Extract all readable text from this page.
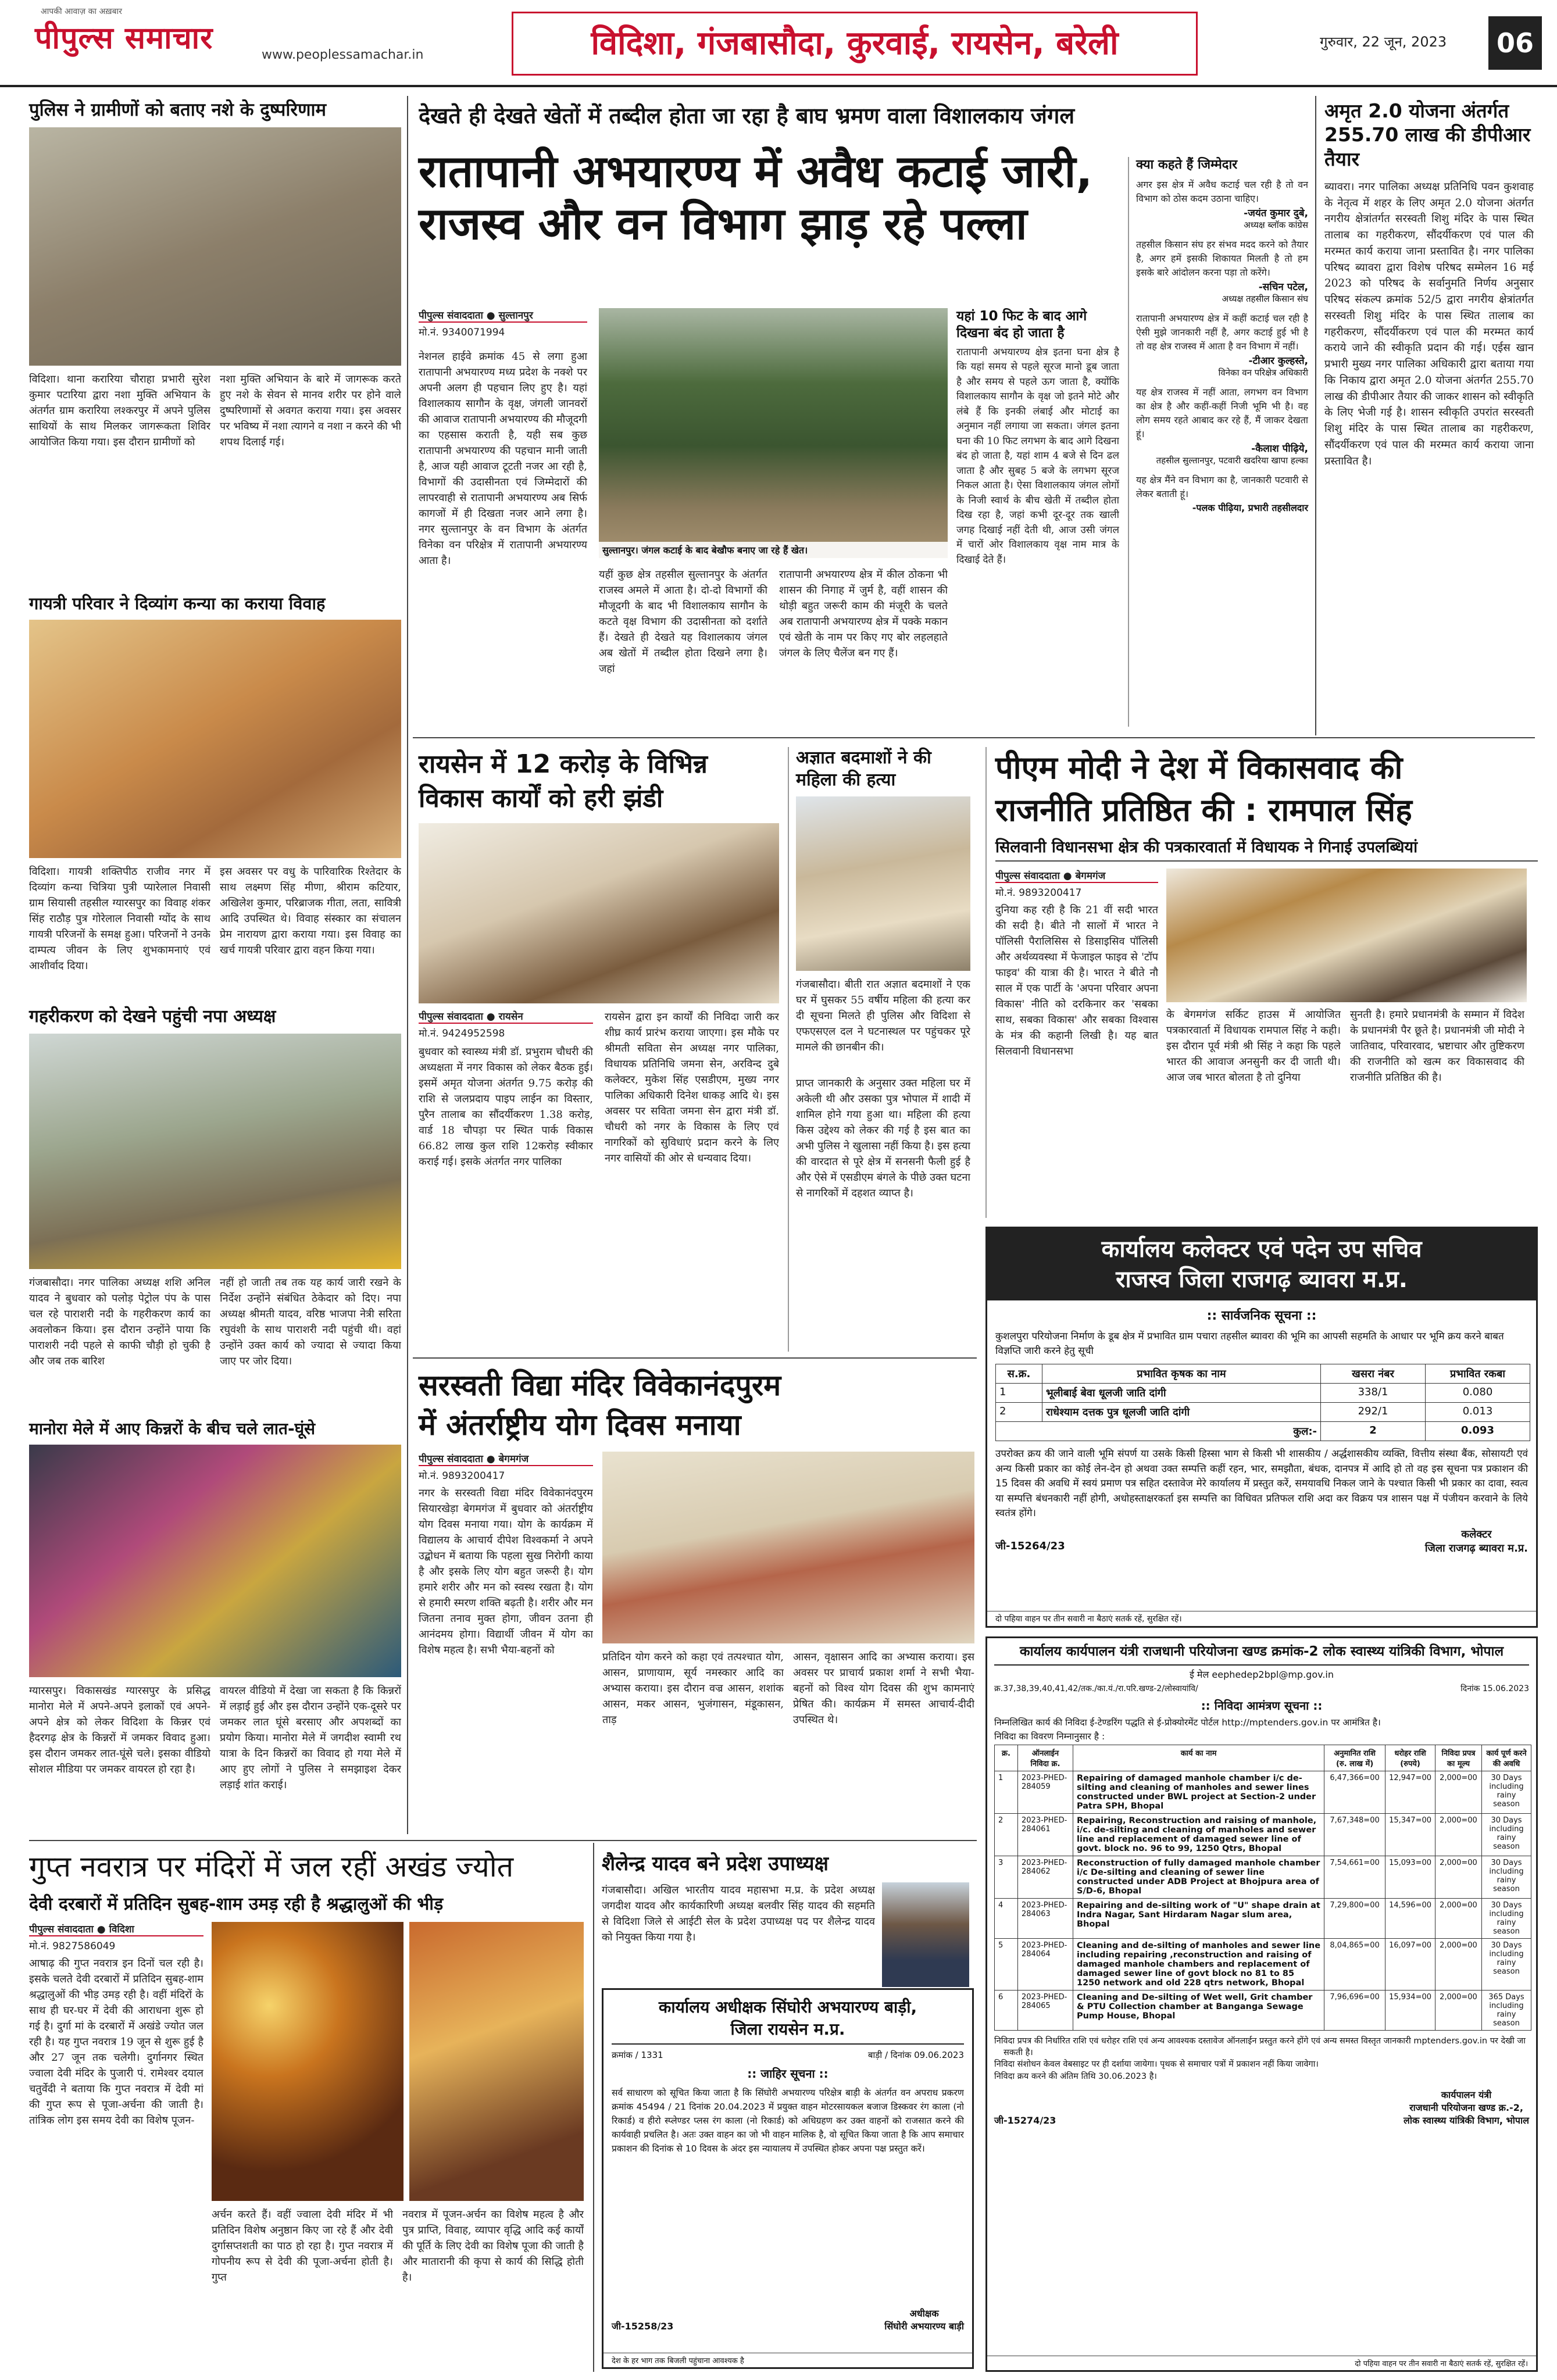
आपकी आवाज़ का अख़बार
पीपुल्स समाचार	www.peoplessamachar.in	विदिशा, गंजबासौदा, कुरवाई, रायसेन, बरेली	गुरुवार, 22 जून, 2023	06
पुलिस ने ग्रामीणों को बताए नशे के दुष्परिणाम
विदिशा। थाना करारिया चौराहा प्रभारी सुरेश कुमार पटारिया द्वारा नशा मुक्ति अभियान के अंतर्गत ग्राम करारिया लश्करपुर में अपने पुलिस साथियों के साथ मिलकर जागरूकता शिविर आयोजित किया गया। इस दौरान ग्रामीणों को
नशा मुक्ति अभियान के बारे में जागरूक करते हुए नशे के सेवन से मानव शरीर पर होने वाले दुष्परिणामों से अवगत कराया गया। इस अवसर पर भविष्य में नशा त्यागने व नशा न करने की भी शपथ दिलाई गई।
गायत्री परिवार ने दिव्यांग कन्या का कराया विवाह
विदिशा। गायत्री शक्तिपीठ राजीव नगर में दिव्यांग कन्या चित्रिया पुत्री प्यारेलाल निवासी ग्राम सियासी तहसील ग्यारसपुर का विवाह शंकर सिंह राठौड़ पुत्र गोरेलाल निवासी ग्योंद के साथ गायत्री परिजनों के समक्ष हुआ। परिजनों ने उनके दाम्पत्य जीवन के लिए शुभकामनाएं एवं आशीर्वाद दिया।
इस अवसर पर वधु के पारिवारिक रिश्तेदार के साथ लक्ष्मण सिंह मीणा, श्रीराम कटियार, अखिलेश कुमार, परिब्राजक गीता, लता, सावित्री आदि उपस्थित थे। विवाह संस्कार का संचालन प्रेम नारायण द्वारा कराया गया। इस विवाह का खर्च गायत्री परिवार द्वारा वहन किया गया।
गहरीकरण को देखने पहुंची नपा अध्यक्ष
गंजबासौदा। नगर पालिका अध्यक्ष शशि अनिल यादव ने बुधवार को पलोड़ पेट्रोल पंप के पास चल रहे पाराशरी नदी के गहरीकरण कार्य का अवलोकन किया। इस दौरान उन्होंने पाया कि पाराशरी नदी पहले से काफी चौड़ी हो चुकी है और जब तक बारिश
नहीं हो जाती तब तक यह कार्य जारी रखने के निर्देश उन्होंने संबंधित ठेकेदार को दिए। नपा अध्यक्ष श्रीमती यादव, वरिष्ठ भाजपा नेत्री सरिता रघुवंशी के साथ पाराशरी नदी पहुंची थी। वहां उन्होंने उक्त कार्य को ज्यादा से ज्यादा किया जाए पर जोर दिया।
मानोरा मेले में आए किन्नरों के बीच चले लात-घूंसे
ग्यारसपुर। विकासखंड ग्यारसपुर के प्रसिद्ध मानोरा मेले में अपने-अपने इलाकों एवं अपने-अपने क्षेत्र को लेकर विदिशा के किन्नर एवं हैदरगढ़ क्षेत्र के किन्नरों में जमकर विवाद हुआ। इस दौरान जमकर लात-घूंसे चले। इसका वीडियो सोशल मीडिया पर जमकर वायरल हो रहा है।
वायरल वीडियो में देखा जा सकता है कि किन्नरों में लड़ाई हुई और इस दौरान उन्होंने एक-दूसरे पर जमकर लात घूंसे बरसाए और अपशब्दों का प्रयोग किया। मानोरा मेले में जगदीश स्वामी रथ यात्रा के दिन किन्नरों का विवाद हो गया मेले में आए हुए लोगों ने पुलिस ने समझाइश देकर लड़ाई शांत कराई।
देखते ही देखते खेतों में तब्दील होता जा रहा है बाघ भ्रमण वाला विशालकाय जंगल
रातापानी अभयारण्य में अवैध कटाई जारी,
राजस्व और वन विभाग झाड़ रहे पल्ला
पीपुल्स संवाददाता ● सुल्तानपुर
मो.नं. 9340071994
नेशनल हाईवे क्रमांक 45 से लगा हुआ रातापानी अभयारण्य मध्य प्रदेश के नक्शे पर अपनी अलग ही पहचान लिए हुए है। यहां विशालकाय सागौन के वृक्ष, जंगली जानवरों की आवाज रातापानी अभयारण्य की मौजूदगी का एहसास कराती है, यही सब कुछ रातापानी अभयारण्य की पहचान मानी जाती है, आज यही आवाज टूटती नजर आ रही है, विभागों की उदासीनता एवं जिम्मेदारों की लापरवाही से रातापानी अभयारण्य अब सिर्फ कागजों में ही दिखता नजर आने लगा है। नगर सुल्तानपुर के वन विभाग के अंतर्गत विनेका वन परिक्षेत्र में रातापानी अभयारण्य आता है।
सुल्तानपुर। जंगल कटाई के बाद बेखौफ बनाए जा रहे हैं खेत।
यहीं कुछ क्षेत्र तहसील सुल्तानपुर के अंतर्गत राजस्व अमले में आता है। दो-दो विभागों की मौजूदगी के बाद भी विशालकाय सागौन के कटते वृक्ष विभाग की उदासीनता को दर्शाते हैं। देखते ही देखते यह विशालकाय जंगल अब खेतों में तब्दील होता दिखने लगा है। जहां
रातापानी अभयारण्य क्षेत्र में कील ठोकना भी शासन की निगाह में जुर्म है, वहीं शासन की थोड़ी बहुत जरूरी काम की मंजूरी के चलते अब रातापानी अभयारण्य क्षेत्र में पक्के मकान एवं खेती के नाम पर किए गए बोर लहलहाते जंगल के लिए चैलेंज बन गए हैं।
यहां 10 फिट के बाद आगे दिखना बंद हो जाता है
रातापानी अभयारण्य क्षेत्र इतना घना क्षेत्र है कि यहां समय से पहले सूरज मानो डूब जाता है और समय से पहले ऊग जाता है, क्योंकि विशालकाय सागौन के वृक्ष जो इतने मोटे और लंबे हैं कि इनकी लंबाई और मोटाई का अनुमान नहीं लगाया जा सकता। जंगल इतना घना की 10 फिट लगभग के बाद आगे दिखना बंद हो जाता है, यहां शाम 4 बजे से दिन ढल जाता है और सुबह 5 बजे के लगभग सूरज निकल आता है। ऐसा विशालकाय जंगल लोगों के निजी स्वार्थ के बीच खेती में तब्दील होता दिख रहा है, जहां कभी दूर-दूर तक खाली जगह दिखाई नहीं देती थी, आज उसी जंगल में चारों ओर विशालकाय वृक्ष नाम मात्र के दिखाई देते हैं।
क्या कहते हैं जिम्मेदार
अगर इस क्षेत्र में अवैध कटाई चल रही है तो वन विभाग को ठोस कदम उठाना चाहिए।
-जयंत कुमार दुबे,
अध्यक्ष ब्लॉक कांग्रेस
तहसील किसान संघ हर संभव मदद करने को तैयार है, अगर हमें इसकी शिकायत मिलती है तो हम इसके बारे आंदोलन करना पड़ा तो करेंगे।
-सचिन पटेल,
अध्यक्ष तहसील किसान संघ
रातापानी अभयारण्य क्षेत्र में कहीं कटाई चल रही है ऐसी मुझे जानकारी नहीं है, अगर कटाई हुई भी है तो वह क्षेत्र राजस्व में आता है वन विभाग में नहीं।
-टीआर कुल्हस्ते,
विनेका वन परिक्षेत्र अधिकारी
यह क्षेत्र राजस्व में नहीं आता, लगभग वन विभाग का क्षेत्र है और कहीं-कहीं निजी भूमि भी है। वह लोग समय रहते आबाद कर रहे हैं, मैं जाकर देखता हूं।
-कैलाश पीढ़िये,
तहसील सुल्तानपुर, पटवारी खदरिया खापा हल्का
यह क्षेत्र मैंने वन विभाग का है, जानकारी पटवारी से लेकर बताती हूं।
-पलक पीढ़िया, प्रभारी तहसीलदार
अमृत 2.0 योजना अंतर्गत 255.70 लाख की डीपीआर तैयार
ब्यावरा। नगर पालिका अध्यक्ष प्रतिनिधि पवन कुशवाह के नेतृत्व में शहर के लिए अमृत 2.0 योजना अंतर्गत नगरीय क्षेत्रांतर्गत सरस्वती शिशु मंदिर के पास स्थित तालाब का गहरीकरण, सौंदर्यीकरण एवं पाल की मरम्मत कार्य कराया जाना प्रस्तावित है। नगर पालिका परिषद ब्यावरा द्वारा विशेष परिषद सम्मेलन 16 मई 2023 को परिषद के सर्वानुमति निर्णय अनुसार परिषद संकल्प क्रमांक 52/5 द्वारा नगरीय क्षेत्रांतर्गत सरस्वती शिशु मंदिर के पास स्थित तालाब का गहरीकरण, सौंदर्यीकरण एवं पाल की मरम्मत कार्य कराये जाने की स्वीकृति प्रदान की गई। एईस खान प्रभारी मुख्य नगर पालिका अधिकारी द्वारा बताया गया कि निकाय द्वारा अमृत 2.0 योजना अंतर्गत 255.70 लाख की डीपीआर तैयार की जाकर शासन को स्वीकृति के लिए भेजी गई है। शासन स्वीकृति उपरांत सरस्वती शिशु मंदिर के पास स्थित तालाब का गहरीकरण, सौंदर्यीकरण एवं पाल की मरम्मत कार्य कराया जाना प्रस्तावित है।
रायसेन में 12 करोड़ के विभिन्न विकास कार्यों को हरी झंडी
पीपुल्स संवाददाता ● रायसेन
मो.नं. 9424952598
बुधवार को स्वास्थ्य मंत्री डॉ. प्रभुराम चौधरी की अध्यक्षता में नगर विकास को लेकर बैठक हुई। इसमें अमृत योजना अंतर्गत 9.75 करोड़ की राशि से जलप्रदाय पाइप लाईन का विस्तार, पुरैन तालाब का सौंदर्यीकरण 1.38 करोड़, वार्ड 18 चौपड़ा पर स्थित पार्क विकास 66.82 लाख कुल राशि 12करोड़ स्वीकार कराई गई। इसके अंतर्गत नगर पालिका
रायसेन द्वारा इन कार्यों की निविदा जारी कर शीघ्र कार्य प्रारंभ कराया जाएगा। इस मौके पर श्रीमती सविता सेन अध्यक्ष नगर पालिका, विधायक प्रतिनिधि जमना सेन, अरविन्द दुबे कलेक्टर, मुकेश सिंह एसडीएम, मुख्य नगर पालिका अधिकारी दिनेश धाकड़ आदि थे। इस अवसर पर सविता जमना सेन द्वारा मंत्री डॉ. चौधरी को नगर के विकास के लिए एवं नागरिकों को सुविधाएं प्रदान करने के लिए नगर वासियों की ओर से धन्यवाद दिया।
अज्ञात बदमाशों ने की महिला की हत्या
गंजबासौदा। बीती रात अज्ञात बदमाशों ने एक घर में घुसकर 55 वर्षीय महिला की हत्या कर दी सूचना मिलते ही पुलिस और विदिशा से एफएसएल दल ने घटनास्थल पर पहुंचकर पूरे मामले की छानबीन की।
प्राप्त जानकारी के अनुसार उक्त महिला घर में अकेली थी और उसका पुत्र भोपाल में शादी में शामिल होने गया हुआ था। महिला की हत्या किस उद्देश्य को लेकर की गई है इस बात का अभी पुलिस ने खुलासा नहीं किया है। इस हत्या की वारदात से पूरे क्षेत्र में सनसनी फैली हुई है और ऐसे में एसडीएम बंगले के पीछे उक्त घटना से नागरिकों में दहशत व्याप्त है।
पीएम मोदी ने देश में विकासवाद की
राजनीति प्रतिष्ठित की : रामपाल सिंह
सिलवानी विधानसभा क्षेत्र की पत्रकारवार्ता में विधायक ने गिनाई उपलब्धियां
पीपुल्स संवाददाता ● बेगमगंज
मो.नं. 9893200417
दुनिया कह रही है कि 21 वीं सदी भारत की सदी है। बीते नौ सालों में भारत ने पॉलिसी पैरालिसिस से डिसाइसिव पॉलिसी और अर्थव्यवस्था में फेजाइल फाइव से 'टॉप फाइव' की यात्रा की है। भारत ने बीते नौ साल में एक पार्टी के 'अपना परिवार अपना विकास' नीति को दरकिनार कर 'सबका साथ, सबका विकास' और सबका विश्वास के मंत्र की कहानी लिखी है। यह बात सिलवानी विधानसभा
के बेगमगंज सर्किट हाउस में आयोजित पत्रकारवार्ता में विधायक रामपाल सिंह ने कही। इस दौरान पूर्व मंत्री श्री सिंह ने कहा कि पहले भारत की आवाज अनसुनी कर दी जाती थी। आज जब भारत बोलता है तो दुनिया
सुनती है। हमारे प्रधानमंत्री के सम्मान में विदेश के प्रधानमंत्री पैर छूते है। प्रधानमंत्री जी मोदी ने जातिवाद, परिवारवाद, भ्रष्टाचार और तुष्टिकरण की राजनीति को खत्म कर विकासवाद की राजनीति प्रतिष्ठित की है।
कार्यालय कलेक्टर एवं पदेन उप सचिव
राजस्व जिला राजगढ़ ब्यावरा म.प्र.
:: सार्वजनिक सूचना ::
कुशलपुरा परियोजना निर्माण के डूब क्षेत्र में प्रभावित ग्राम पचारा तहसील ब्यावरा की भूमि का आपसी सहमति के आधार पर भूमि क्रय करने बाबत विज्ञप्ति जारी करने हेतु सूची
स.क्र.	प्रभावित कृषक का नाम	खसरा नंबर	प्रभावित रकबा
1	भूलीबाई बेवा धूलजी जाति दांगी	338/1	0.080
2	राधेश्याम दत्तक पुत्र धूलजी जाति दांगी	292/1	0.013
कुल:-		2	0.093
उपरोक्त क्रय की जाने वाली भूमि संपर्ण या उसके किसी हिस्सा भाग से किसी भी शासकीय / अर्द्धशासकीय व्यक्ति, वित्तीय संस्था बैंक, सोसायटी एवं अन्य किसी प्रकार का कोई लेन-देन हो अथवा उक्त सम्पत्ति कहीं रहन, भार, समझौता, बंधक, दानपत्र में आदि हो तो वह इस सूचना पत्र प्रकाशन की 15 दिवस की अवधि में स्वयं प्रमाण पत्र सहित दस्तावेज मेरे कार्यालय में प्रस्तुत करें, समयावधि निकल जाने के पश्चात किसी भी प्रकार का दावा, स्वत्व या सम्पत्ति बंधनकारी नहीं होगी, अधोहस्ताक्षरकर्ता इस सम्पत्ति का विधिवत प्रतिफल राशि अदा कर विक्रय पत्र शासन पक्ष में पंजीयन करवाने के लिये स्वतंत्र होंगे।
जी-15264/23
कलेक्टर
जिला राजगढ़ ब्यावरा म.प्र.
दो पहिया वाहन पर तीन सवारी ना बैठाएं सतर्क रहें, सुरक्षित रहें।
सरस्वती विद्या मंदिर विवेकानंदपुरम
में अंतर्राष्ट्रीय योग दिवस मनाया
पीपुल्स संवाददाता ● बेगमगंज
मो.नं. 9893200417
नगर के सरस्वती विद्या मंदिर विवेकानंदपुरम सियारखेड़ा बेगमगंज में बुधवार को अंतर्राष्ट्रीय योग दिवस मनाया गया। योग के कार्यक्रम में विद्यालय के आचार्य दीपेश विश्वकर्मा ने अपने उद्बोधन में बताया कि पहला सुख निरोगी काया है और इसके लिए योग बहुत जरूरी है। योग हमारे शरीर और मन को स्वस्थ रखता है। योग से हमारी स्मरण शक्ति बढ़ती है। शरीर और मन जितना तनाव मुक्त होगा, जीवन उतना ही आनंदमय होगा। विद्यार्थी जीवन में योग का विशेष महत्व है। सभी भैया-बहनों को
प्रतिदिन योग करने को कहा एवं तत्पश्चात योग, आसन, प्राणायाम, सूर्य नमस्कार आदि का अभ्यास कराया। इस दौरान वज्र आसन, शशांक आसन, मकर आसन, भुजंगासन, मंडूकासन, ताड़
आसन, वृक्षासन आदि का अभ्यास कराया। इस अवसर पर प्राचार्य प्रकाश शर्मा ने सभी भैया-बहनों को विश्व योग दिवस की शुभ कामनाएं प्रेषित की। कार्यक्रम में समस्त आचार्य-दीदी उपस्थित थे।
गुप्त नवरात्र पर मंदिरों में जल रहीं अखंड ज्योत
देवी दरबारों में प्रतिदिन सुबह-शाम उमड़ रही है श्रद्धालुओं की भीड़
पीपुल्स संवाददाता ● विदिशा
मो.नं. 9827586049
आषाढ़ की गुप्त नवरात्र इन दिनों चल रही है। इसके चलते देवी दरबारों में प्रतिदिन सुबह-शाम श्रद्धालुओं की भीड़ उमड़ रही है। वहीं मंदिरों के साथ ही घर-घर में देवी की आराधना शुरू हो गई है। दुर्गा मां के दरबारों में अखंडे ज्योत जल रही है। यह गुप्त नवरात्र 19 जून से शुरू हुई है और 27 जून तक चलेगी। दुर्गानगर स्थित ज्वाला देवी मंदिर के पुजारी पं. रामेश्वर दयाल चतुर्वेदी ने बताया कि गुप्त नवरात्र में देवी मां की गुप्त रूप से पूजा-अर्चना की जाती है। तांत्रिक लोग इस समय देवी का विशेष पूजन-
अर्चन करते हैं। वहीं ज्वाला देवी मंदिर में भी प्रतिदिन विशेष अनुष्ठान किए जा रहे हैं और देवी दुर्गासप्तशती का पाठ हो रहा है। गुप्त नवरात्र में गोपनीय रूप से देवी की पूजा-अर्चना होती है। गुप्त
नवरात्र में पूजन-अर्चन का विशेष महत्व है और पुत्र प्राप्ति, विवाह, व्यापार वृद्धि आदि कई कार्यों की पूर्ति के लिए देवी का विशेष पूजा की जाती है और मातारानी की कृपा से कार्य की सिद्धि होती है।
शैलेन्द्र यादव बने प्रदेश उपाध्यक्ष
गंजबासौदा। अखिल भारतीय यादव महासभा म.प्र. के प्रदेश अध्यक्ष जगदीश यादव और कार्यकारिणी अध्यक्ष बलवीर सिंह यादव की सहमति से विदिशा जिले से आईटी सेल के प्रदेश उपाध्यक्ष पद पर शैलेन्द्र यादव को नियुक्त किया गया है।
कार्यालय अधीक्षक सिंघोरी अभयारण्य बाड़ी,
जिला रायसेन म.प्र.
क्रमांक / 1331	बाड़ी / दिनांक 09.06.2023
:: जाहिर सूचना ::
सर्व साधारण को सूचित किया जाता है कि सिंघोरी अभयारण्य परिक्षेत्र बाड़ी के अंतर्गत वन अपराध प्रकरण क्रमांक 45494 / 21 दिनांक 20.04.2023 में प्रयुक्त वाहन मोटरसायकल बजाज डिस्कवर रंग काला (नो रिकार्ड) व हीरो स्प्लेण्डर प्लस रंग काला (नो रिकार्ड) को अधिग्रहण कर उक्त वाहनों को राजसात करने की कार्यवाही प्रचलित है। अतः उक्त वाहन का जो भी वाहन मालिक है, वो सूचित किया जाता है कि आप समाचार प्रकाशन की दिनांक से 10 दिवस के अंदर इस न्यायालय में उपस्थित होकर अपना पक्ष प्रस्तुत करें।
जी-15258/23
अधीक्षक
सिंघोरी अभयारण्य बाड़ी
देश के हर भाग तक बिजली पहुंचाना आवश्यक है
कार्यालय कार्यपालन यंत्री राजधानी परियोजना खण्ड क्रमांक-2 लोक स्वास्थ्य यांत्रिकी विभाग, भोपाल
ई मेल eephedep2bpl@mp.gov.in
क्र.37,38,39,40,41,42/तक./का.यं./रा.परि.खण्ड-2/लोस्वायांवि/	दिनांक 15.06.2023
:: निविदा आमंत्रण सूचना ::
निम्नलिखित कार्य की निविदा ई-टेण्डरिंग पद्धति से ई-प्रोक्योरमेंट पोर्टल http://mptenders.gov.in पर आमंत्रित है।
निविदा का विवरण निम्नानुसार है :
क्र.	ऑनलाईन निविदा क्र.	कार्य का नाम	अनुमानित राशि (रु. लाख में)	धरोहर राशि (रुपये)	निविदा प्रपत्र का मूल्य	कार्य पूर्ण करने की अवधि
1	2023-PHED-284059	Repairing of damaged manhole chamber i/c de-silting and cleaning of manholes and sewer lines constructed under BWL project at Section-2 under Patra SPH, Bhopal	6,47,366=00	12,947=00	2,000=00	30 Days including rainy season
2	2023-PHED-284061	Repairing, Reconstruction and raising of manhole, i/c. de-silting and cleaning of manholes and sewer line and replacement of damaged sewer line of govt. block no. 96 to 99, 1250 Qtrs, Bhopal	7,67,348=00	15,347=00	2,000=00	30 Days including rainy season
3	2023-PHED-284062	Reconstruction of fully damaged manhole chamber i/c De-silting and cleaning of sewer line constructed under ADB Project at Bhojpura area of S/D-6, Bhopal	7,54,661=00	15,093=00	2,000=00	30 Days including rainy season
4	2023-PHED-284063	Repairing and de-silting work of "U" shape drain at Indra Nagar, Sant Hirdaram Nagar slum area, Bhopal	7,29,800=00	14,596=00	2,000=00	30 Days including rainy season
5	2023-PHED-284064	Cleaning and de-silting of manholes and sewer line including repairing ,reconstruction and raising of damaged manhole chambers and replacement of damaged sewer line of govt block no 81 to 85 1250 network and old 228 qtrs network, Bhopal	8,04,865=00	16,097=00	2,000=00	30 Days including rainy season
6	2023-PHED-284065	Cleaning and De-silting of Wet well, Grit chamber & PTU Collection chamber at Banganga Sewage Pump House, Bhopal	7,96,696=00	15,934=00	2,000=00	365 Days including rainy season
निविदा प्रपत्र की निर्धारित राशि एवं धरोहर राशि एवं अन्य आवश्यक दस्तावेज ऑनलाईन प्रस्तुत करने होंगे एवं अन्य समस्त विस्तृत जानकारी mptenders.gov.in पर देखी जा सकती है।
निविदा संशोधन केवल वेबसाइट पर ही दर्शाया जायेगा। पृथक से समाचार पत्रों में प्रकाशन नहीं किया जावेगा।
निविदा क्रय करने की अंतिम तिथि 30.06.2023 है।
जी-15274/23
कार्यपालन यंत्री
राजधानी परियोजना खण्ड क्र.-2,
लोक स्वास्थ्य यांत्रिकी विभाग, भोपाल
दो पहिया वाहन पर तीन सवारी ना बैठाएं सतर्क रहें, सुरक्षित रहें।
